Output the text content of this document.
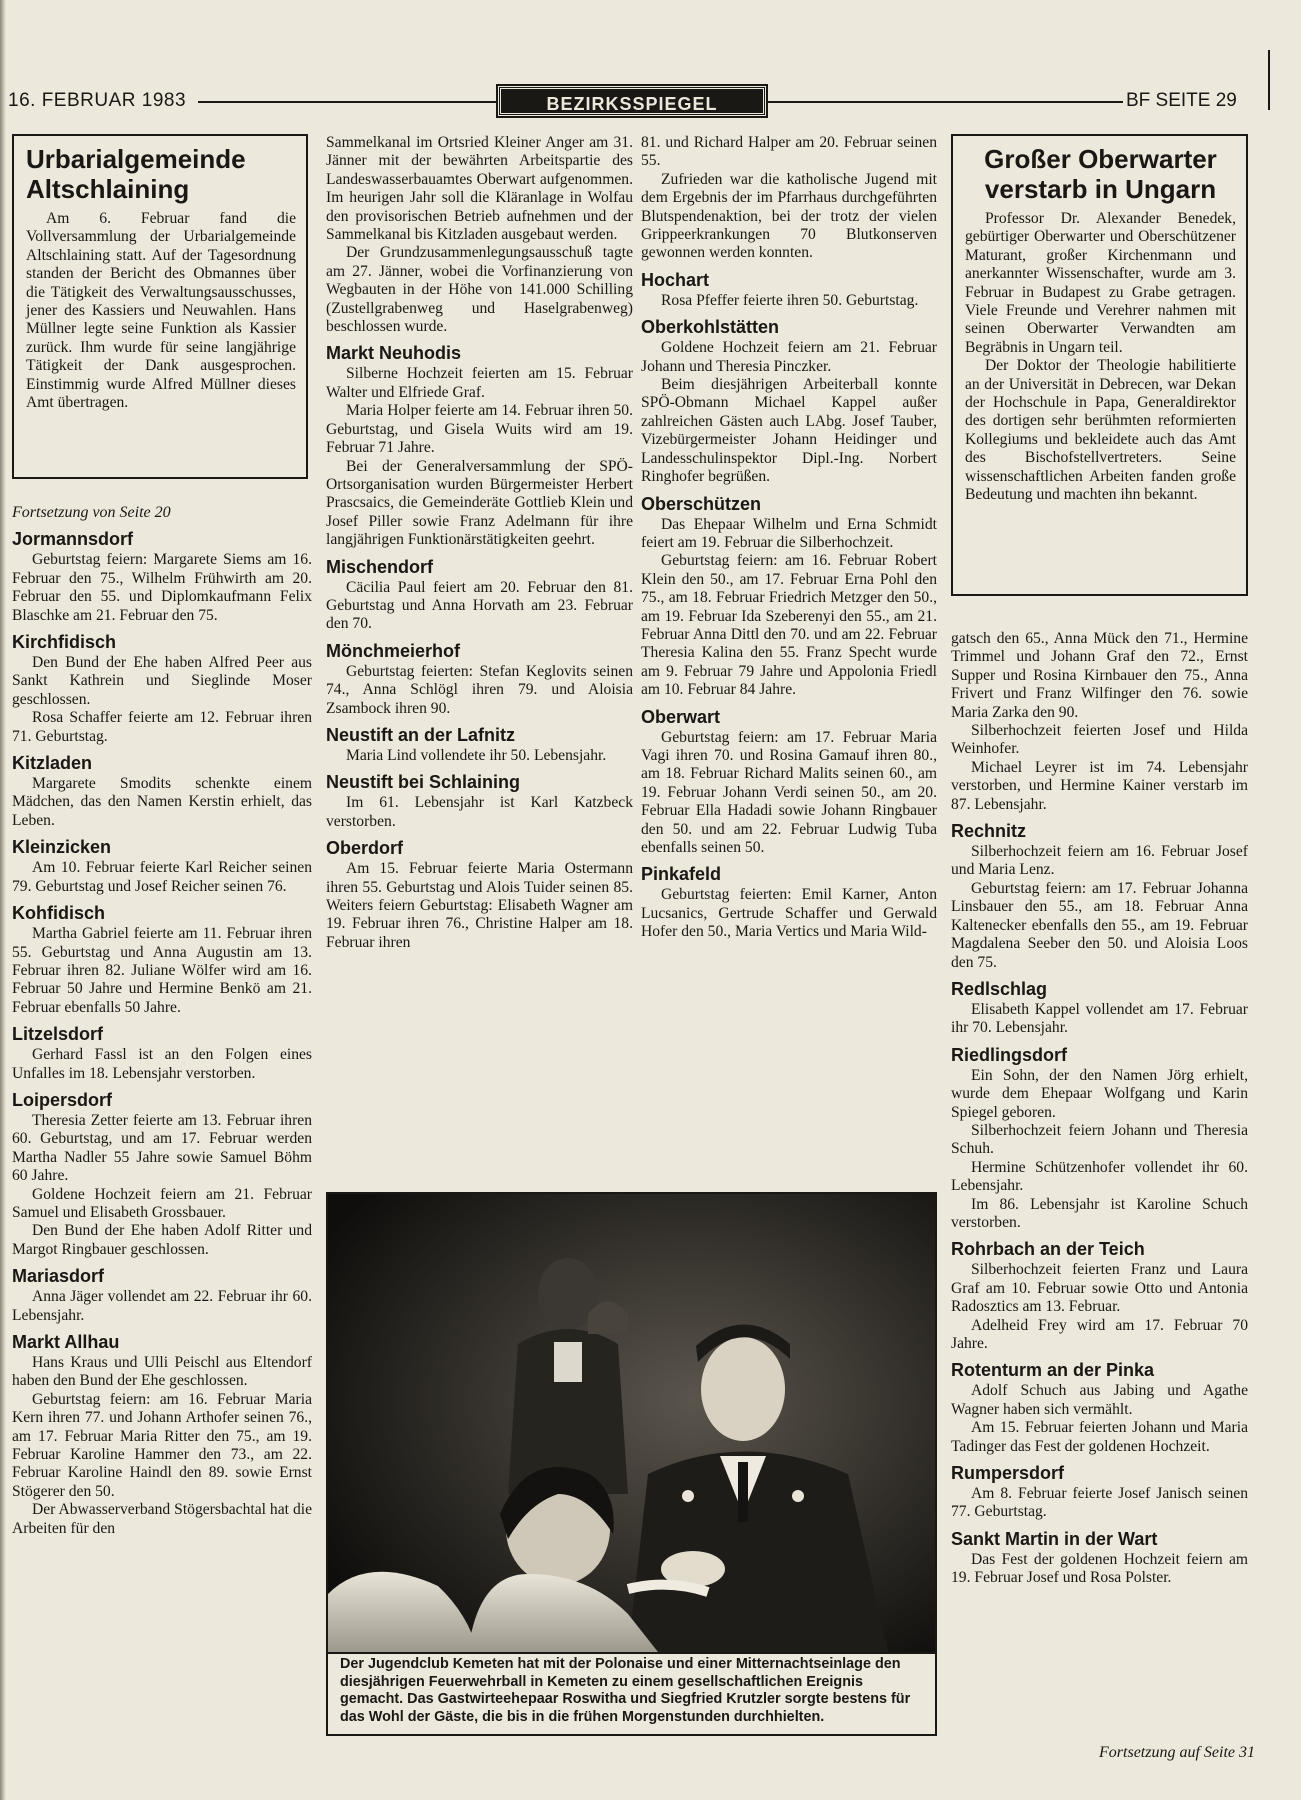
16. FEBRUAR 1983	BEZIRKSSPIEGEL	BF SEITE 29
Urbarialgemeinde Altschlaining

Am 6. Februar fand die Vollversammlung der Urbarialgemeinde Altschlaining statt. Auf der Tagesordnung standen der Bericht des Obmannes über die Tätigkeit des Verwaltungsausschusses, jener des Kassiers und Neuwahlen. Hans Müllner legte seine Funktion als Kassier zurück. Ihm wurde für seine langjährige Tätigkeit der Dank ausgesprochen. Einstimmig wurde Alfred Müllner dieses Amt übertragen.

Fortsetzung von Seite 20
Jormannsdorf

Geburtstag feiern: Margarete Siems am 16. Februar den 75., Wilhelm Frühwirth am 20. Februar den 55. und Diplomkaufmann Felix Blaschke am 21. Februar den 75.

Kirchfidisch

Den Bund der Ehe haben Alfred Peer aus Sankt Kathrein und Sieglinde Moser geschlossen.

Rosa Schaffer feierte am 12. Februar ihren 71. Geburtstag.

Kitzladen

Margarete Smodits schenkte einem Mädchen, das den Namen Kerstin erhielt, das Leben.

Kleinzicken

Am 10. Februar feierte Karl Reicher seinen 79. Geburtstag und Josef Reicher seinen 76.

Kohfidisch

Martha Gabriel feierte am 11. Februar ihren 55. Geburtstag und Anna Augustin am 13. Februar ihren 82. Juliane Wölfer wird am 16. Februar 50 Jahre und Hermine Benkö am 21. Februar ebenfalls 50 Jahre.

Litzelsdorf

Gerhard Fassl ist an den Folgen eines Unfalles im 18. Lebensjahr verstorben.

Loipersdorf

Theresia Zetter feierte am 13. Februar ihren 60. Geburtstag, und am 17. Februar werden Martha Nadler 55 Jahre sowie Samuel Böhm 60 Jahre.

Goldene Hochzeit feiern am 21. Februar Samuel und Elisabeth Grossbauer.

Den Bund der Ehe haben Adolf Ritter und Margot Ringbauer geschlossen.

Mariasdorf

Anna Jäger vollendet am 22. Februar ihr 60. Lebensjahr.

Markt Allhau

Hans Kraus und Ulli Peischl aus Eltendorf haben den Bund der Ehe geschlossen.

Geburtstag feiern: am 16. Februar Maria Kern ihren 77. und Johann Arthofer seinen 76., am 17. Februar Maria Ritter den 75., am 19. Februar Karoline Hammer den 73., am 22. Februar Karoline Haindl den 89. sowie Ernst Stögerer den 50.

Der Abwasserverband Stögersbachtal hat die Arbeiten für den

Sammelkanal im Ortsried Kleiner Anger am 31. Jänner mit der bewährten Arbeitspartie des Landeswasserbauamtes Oberwart aufgenommen. Im heurigen Jahr soll die Kläranlage in Wolfau den provisorischen Betrieb aufnehmen und der Sammelkanal bis Kitzladen ausgebaut werden.

Der Grundzusammenlegungsausschuß tagte am 27. Jänner, wobei die Vorfinanzierung von Wegbauten in der Höhe von 141.000 Schilling (Zustellgrabenweg und Haselgrabenweg) beschlossen wurde.

Markt Neuhodis

Silberne Hochzeit feierten am 15. Februar Walter und Elfriede Graf.

Maria Holper feierte am 14. Februar ihren 50. Geburtstag, und Gisela Wuits wird am 19. Februar 71 Jahre.

Bei der Generalversammlung der SPÖ-Ortsorganisation wurden Bürgermeister Herbert Prascsaics, die Gemeinderäte Gottlieb Klein und Josef Piller sowie Franz Adelmann für ihre langjährigen Funktionärstätigkeiten geehrt.

Mischendorf

Cäcilia Paul feiert am 20. Februar den 81. Geburtstag und Anna Horvath am 23. Februar den 70.

Mönchmeierhof

Geburtstag feierten: Stefan Keglovits seinen 74., Anna Schlögl ihren 79. und Aloisia Zsambock ihren 90.

Neustift an der Lafnitz

Maria Lind vollendete ihr 50. Lebensjahr.

Neustift bei Schlaining

Im 61. Lebensjahr ist Karl Katzbeck verstorben.

Oberdorf

Am 15. Februar feierte Maria Ostermann ihren 55. Geburtstag und Alois Tuider seinen 85. Weiters feiern Geburtstag: Elisabeth Wagner am 19. Februar ihren 76., Christine Halper am 18. Februar ihren

81. und Richard Halper am 20. Februar seinen 55.

Zufrieden war die katholische Jugend mit dem Ergebnis der im Pfarrhaus durchgeführten Blutspendenaktion, bei der trotz der vielen Grippeerkrankungen 70 Blutkonserven gewonnen werden konnten.

Hochart

Rosa Pfeffer feierte ihren 50. Geburtstag.

Oberkohlstätten

Goldene Hochzeit feiern am 21. Februar Johann und Theresia Pinczker.

Beim diesjährigen Arbeiterball konnte SPÖ-Obmann Michael Kappel außer zahlreichen Gästen auch LAbg. Josef Tauber, Vizebürgermeister Johann Heidinger und Landesschulinspektor Dipl.-Ing. Norbert Ringhofer begrüßen.

Oberschützen

Das Ehepaar Wilhelm und Erna Schmidt feiert am 19. Februar die Silberhochzeit.

Geburtstag feiern: am 16. Februar Robert Klein den 50., am 17. Februar Erna Pohl den 75., am 18. Februar Friedrich Metzger den 50., am 19. Februar Ida Szeberenyi den 55., am 21. Februar Anna Dittl den 70. und am 22. Februar Theresia Kalina den 55. Franz Specht wurde am 9. Februar 79 Jahre und Appolonia Friedl am 10. Februar 84 Jahre.

Oberwart

Geburtstag feiern: am 17. Februar Maria Vagi ihren 70. und Rosina Gamauf ihren 80., am 18. Februar Richard Malits seinen 60., am 19. Februar Johann Verdi seinen 50., am 20. Februar Ella Hadadi sowie Johann Ringbauer den 50. und am 22. Februar Ludwig Tuba ebenfalls seinen 50.

Pinkafeld

Geburtstag feierten: Emil Karner, Anton Lucsanics, Gertrude Schaffer und Gerwald Hofer den 50., Maria Vertics und Maria Wild-

Großer Oberwarter verstarb in Ungarn

Professor Dr. Alexander Benedek, gebürtiger Oberwarter und Oberschützener Maturant, großer Kirchenmann und anerkannter Wissenschafter, wurde am 3. Februar in Budapest zu Grabe getragen. Viele Freunde und Verehrer nahmen mit seinen Oberwarter Verwandten am Begräbnis in Ungarn teil.

Der Doktor der Theologie habilitierte an der Universität in Debrecen, war Dekan der Hochschule in Papa, Generaldirektor des dortigen sehr berühmten reformierten Kollegiums und bekleidete auch das Amt des Bischofstellvertreters. Seine wissenschaftlichen Arbeiten fanden große Bedeutung und machten ihn bekannt.

gatsch den 65., Anna Mück den 71., Hermine Trimmel und Johann Graf den 72., Ernst Supper und Rosina Kirnbauer den 75., Anna Frivert und Franz Wilfinger den 76. sowie Maria Zarka den 90.

Silberhochzeit feierten Josef und Hilda Weinhofer.

Michael Leyrer ist im 74. Lebensjahr verstorben, und Hermine Kainer verstarb im 87. Lebensjahr.

Rechnitz

Silberhochzeit feiern am 16. Februar Josef und Maria Lenz.

Geburtstag feiern: am 17. Februar Johanna Linsbauer den 55., am 18. Februar Anna Kaltenecker ebenfalls den 55., am 19. Februar Magdalena Seeber den 50. und Aloisia Loos den 75.

Redlschlag

Elisabeth Kappel vollendet am 17. Februar ihr 70. Lebensjahr.

Riedlingsdorf

Ein Sohn, der den Namen Jörg erhielt, wurde dem Ehepaar Wolfgang und Karin Spiegel geboren.

Silberhochzeit feiern Johann und Theresia Schuh.

Hermine Schützenhofer vollendet ihr 60. Lebensjahr.

Im 86. Lebensjahr ist Karoline Schuch verstorben.

Rohrbach an der Teich

Silberhochzeit feierten Franz und Laura Graf am 10. Februar sowie Otto und Antonia Radosztics am 13. Februar.

Adelheid Frey wird am 17. Februar 70 Jahre.

Rotenturm an der Pinka

Adolf Schuch aus Jabing und Agathe Wagner haben sich vermählt.

Am 15. Februar feierten Johann und Maria Tadinger das Fest der goldenen Hochzeit.

Rumpersdorf

Am 8. Februar feierte Josef Janisch seinen 77. Geburtstag.

Sankt Martin in der Wart

Das Fest der goldenen Hochzeit feiern am 19. Februar Josef und Rosa Polster.

Der Jugendclub Kemeten hat mit der Polonaise und einer Mitternachtseinlage den diesjährigen Feuerwehrball in Kemeten zu einem gesellschaftlichen Ereignis gemacht. Das Gastwirteehepaar Roswitha und Siegfried Krutzler sorgte bestens für das Wohl der Gäste, die bis in die frühen Morgenstunden durchhielten.
Fortsetzung auf Seite 31
